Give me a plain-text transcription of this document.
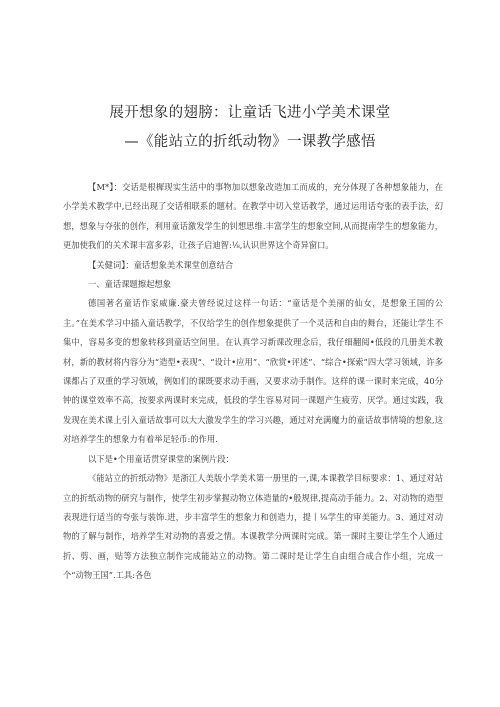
展开想象的翅膀：让童话飞进小学美术课堂
—《能站立的折纸动物》一课教学感悟

【M*】：交话是根樨现实生活中的事物加以想象改造加工而成的，充分体现了各种想象能力，在小学美术教学中,已经出现了交话相联系的题材。在教学中切入堂话教学，通过运用话夸张的表手法，幻想，想象与夺张的创作，利用童话激发学生的钊想思维.丰富学生的想象空间,从而提南学生的想象能力，更加使我们的关术课丰富多彩，让孩子启迪智:⅛,认识世界这个奇异窗口。

【关健词】：童话想象美术课堂创意结合

一、童话课题擦起想象

德国著名童话作家威廉.豪夫曾经说过这样一句话：“童话是个美丽的仙女，是想象王国的公主。”在美术学习中插入童话教学，不仅给学生的创作想象提供了一个灵活和自由的舞台，还能让学生不集中，容易多变的想象转移到童话空间里。在认真学习新课改理念后，我仔细翻阅•低段的几册美术教材，新的教材将内容分为“造型•表现“、“设计•应用”、“欣赏•评述”、“综合•探索”四大学习领域，许多课都占了双重的学习领域，例如们的课既要求动手画，又要求动手制作。这样的课一课时来完成，40分钟的课堂效率不高，按要求两课时来完成，低段的学生容易对同一课题产生疲劳、厌学。通过实践，我发现在美术课上引入童话故事可以大大激发学生的学习兴趣，通过对充满魔力的童话故事情境的想象,这对培养学生的想象力有着举足轻币:的作用.

以下是•个用童话贯穿课堂的案例片段：

《能站立的折纸动物》是浙江人美版小学美术第一册里的一,课,本课教学目标要求：1、通过对站立的折纸动物的研究与制作，使学生初步掌握动物立体造量的•般规律,提高动手能力。2、对动物的造型表现进行适当的夸张与装饰.进，步丰富学生的想象力和创造力，提丨⅛学生的审美能力。3、通过对动物的了解与制作，培养学生对动物的喜爱之情。本课教学分两课时完成。第一课时主要让学生个人通过折、剪、画，贴等方法独立制作完成能站立的动物。第二课时是让学生自由组合成合作小组，完成一个“动物王国”.工具:各色
